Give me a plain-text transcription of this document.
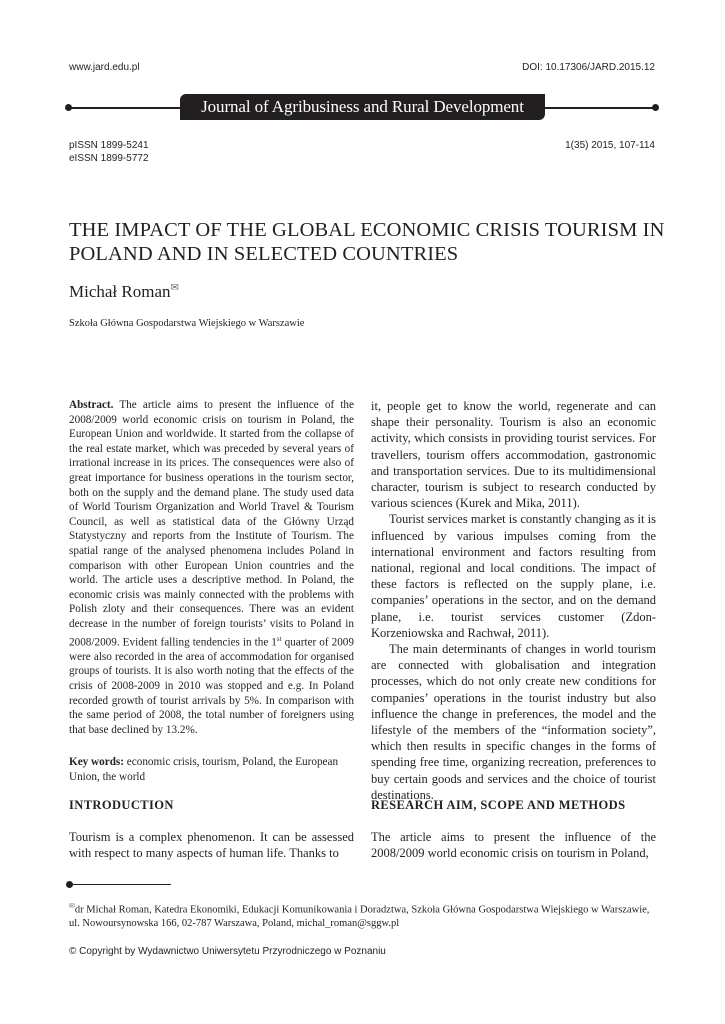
www.jard.edu.pl	DOI: 10.17306/JARD.2015.12
Journal of Agribusiness and Rural Development
pISSN 1899-5241
eISSN 1899-5772
1(35) 2015, 107-114
THE IMPACT OF THE GLOBAL ECONOMIC CRISIS TOURISM IN POLAND AND IN SELECTED COUNTRIES
Michał Roman✉
Szkoła Główna Gospodarstwa Wiejskiego w Warszawie

Abstract. The article aims to present the influence of the 2008/2009 world economic crisis on tourism in Poland, the European Union and worldwide. It started from the collapse of the real estate market, which was preceded by several years of irrational increase in its prices. The consequences were also of great importance for business operations in the tourism sector, both on the supply and the demand plane. The study used data of World Tourism Organization and World Travel & Tourism Council, as well as statistical data of the Główny Urząd Statystyczny and reports from the Institute of Tourism. The spatial range of the analysed phenomena includes Poland in comparison with other European Union countries and the world. The article uses a descriptive method. In Poland, the economic crisis was mainly connected with the problems with Polish zloty and their consequences. There was an evident decrease in the number of foreign tourists’ visits to Poland in 2008/2009. Evident falling tendencies in the 1st quarter of 2009 were also recorded in the area of accommodation for organised groups of tourists. It is also worth noting that the effects of the crisis of 2008-2009 in 2010 was stopped and e.g. In Poland recorded growth of tourist arrivals by 5%. In comparison with the same period of 2008, the total number of foreigners using that base declined by 13.2%.

Key words: economic crisis, tourism, Poland, the European Union, the world

it, people get to know the world, regenerate and can shape their personality. Tourism is also an economic activity, which consists in providing tourist services. For travellers, tourism offers accommodation, gastronomic and transportation services. Due to its multidimensional character, tourism is subject to research conducted by various sciences (Kurek and Mika, 2011).

Tourist services market is constantly changing as it is influenced by various impulses coming from the international environment and factors resulting from national, regional and local conditions. The impact of these factors is reflected on the supply plane, i.e. companies’ operations in the sector, and on the demand plane, i.e. tourist services customer (Zdon-Korzeniowska and Rachwał, 2011).

The main determinants of changes in world tourism are connected with globalisation and integration processes, which do not only create new conditions for companies’ operations in the tourist industry but also influence the change in preferences, the model and the lifestyle of the members of the “information society”, which then results in specific changes in the forms of spending free time, organizing recreation, preferences to buy certain goods and services and the choice of tourist destinations.

INTRODUCTION	RESEARCH AIM, SCOPE AND METHODS
Tourism is a complex phenomenon. It can be assessed with respect to many aspects of human life. Thanks to
The article aims to present the influence of the 2008/2009 world economic crisis on tourism in Poland,
✉dr Michał Roman, Katedra Ekonomiki, Edukacji Komunikowania i Doradztwa, Szkoła Główna Gospodarstwa Wiejskiego w Warszawie, ul. Nowoursynowska 166, 02-787 Warszawa, Poland, michal_roman@sggw.pl
© Copyright by Wydawnictwo Uniwersytetu Przyrodniczego w Poznaniu
